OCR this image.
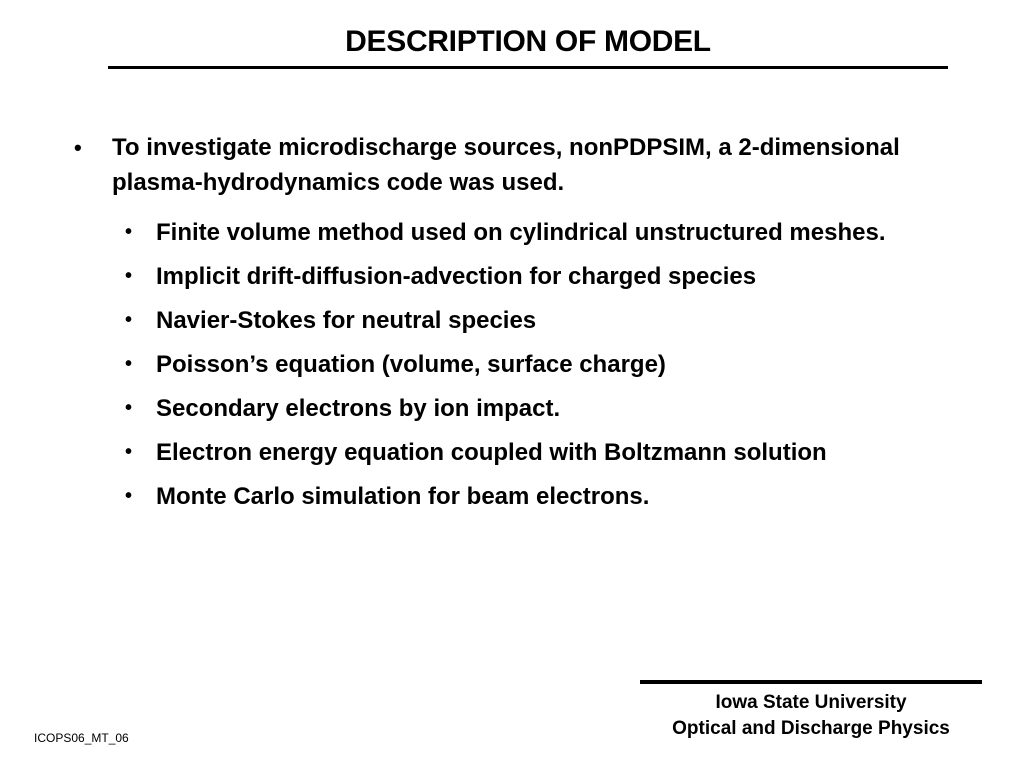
DESCRIPTION OF MODEL
• To investigate microdischarge sources, nonPDPSIM, a 2-dimensional plasma-hydrodynamics code was used.
• Finite volume method used on cylindrical unstructured meshes.
• Implicit drift-diffusion-advection for charged species
• Navier-Stokes for neutral species
• Poisson’s equation (volume, surface charge)
• Secondary electrons by ion impact.
• Electron energy equation coupled with Boltzmann solution
• Monte Carlo simulation for beam electrons.
Iowa State University
Optical and Discharge Physics
ICOPS06_MT_06
